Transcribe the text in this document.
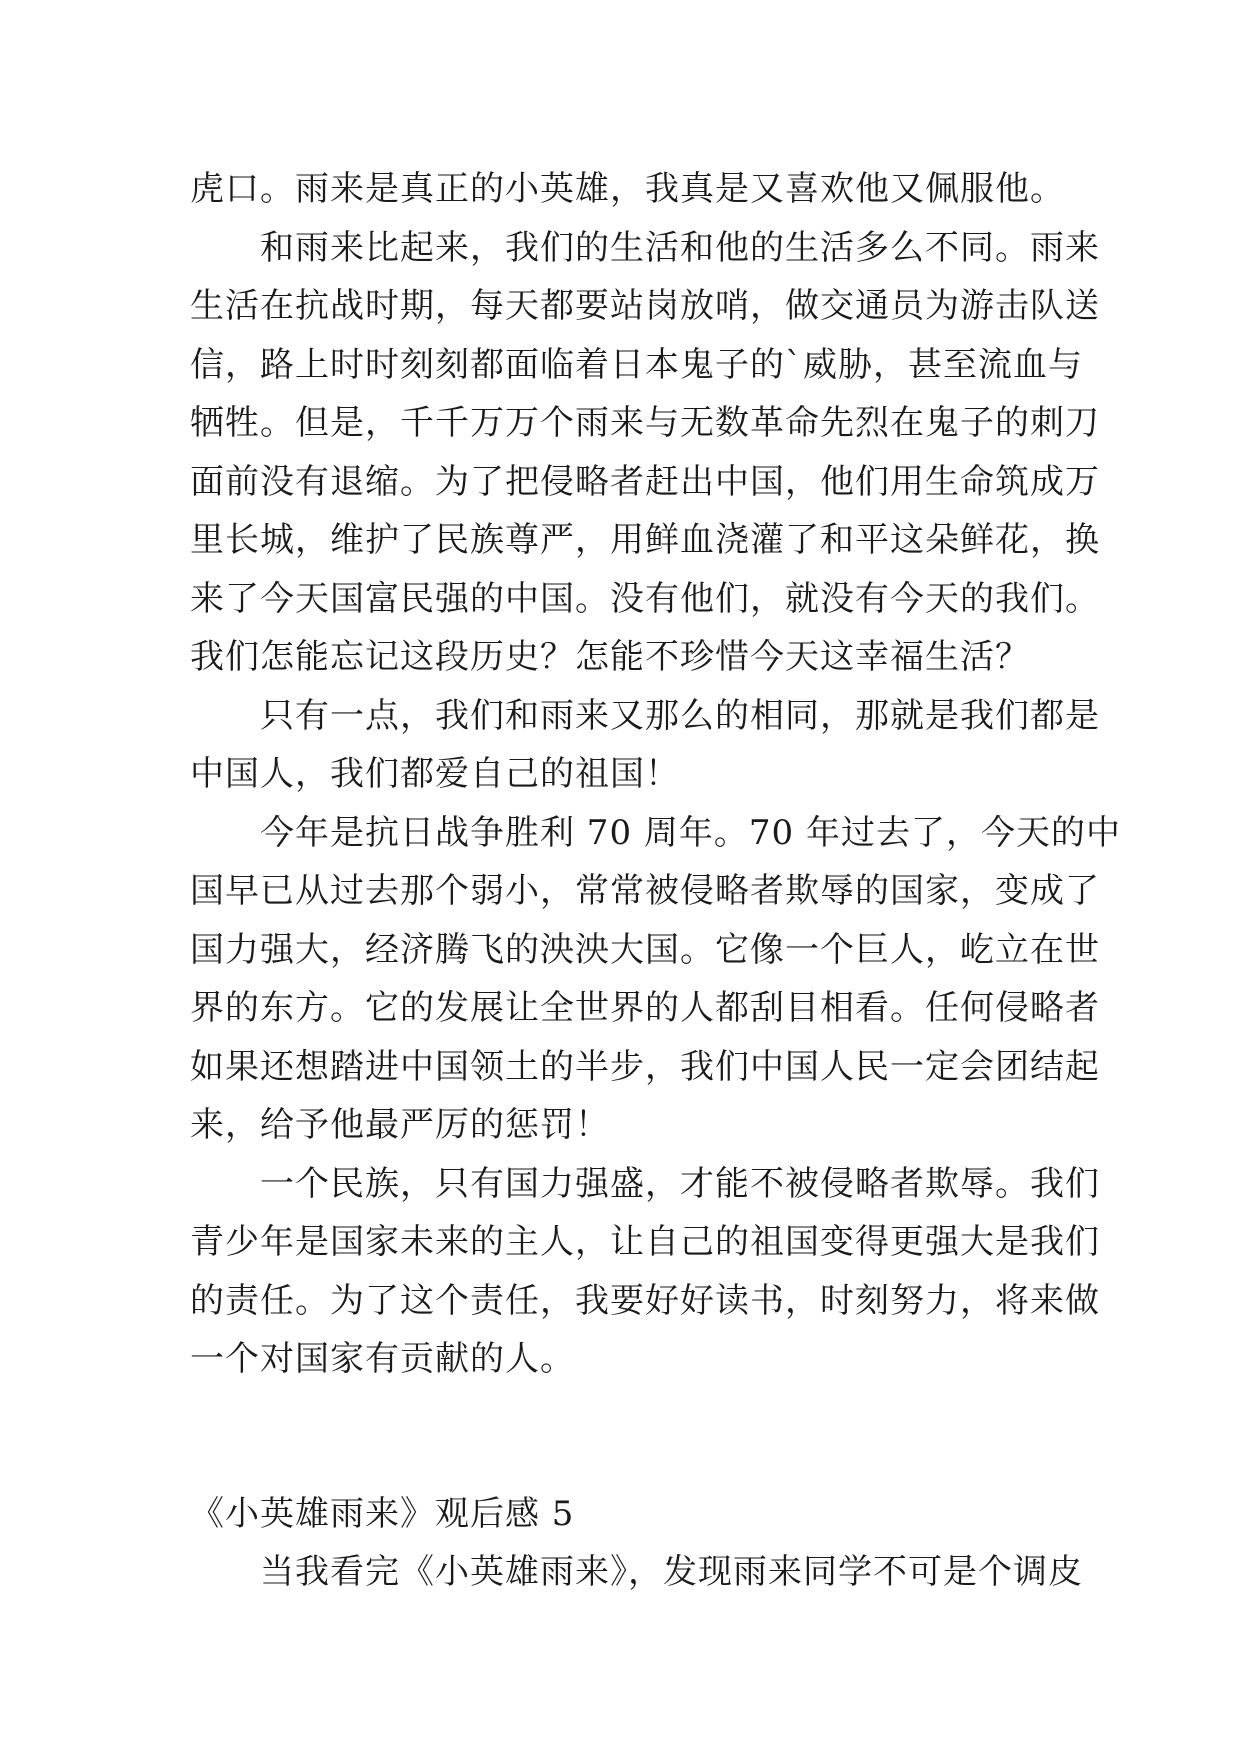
虎口。雨来是真正的小英雄，我真是又喜欢他又佩服他。
和雨来比起来，我们的生活和他的生活多么不同。雨来
生活在抗战时期，每天都要站岗放哨，做交通员为游击队送
信，路上时时刻刻都面临着日本鬼子的`威胁，甚至流血与
牺牲。但是，千千万万个雨来与无数革命先烈在鬼子的刺刀
面前没有退缩。为了把侵略者赶出中国，他们用生命筑成万
里长城，维护了民族尊严，用鲜血浇灌了和平这朵鲜花，换
来了今天国富民强的中国。没有他们，就没有今天的我们。
我们怎能忘记这段历史？怎能不珍惜今天这幸福生活？
只有一点，我们和雨来又那么的相同，那就是我们都是
中国人，我们都爱自己的祖国！
今年是抗日战争胜利 70 周年。70 年过去了，今天的中
国早已从过去那个弱小，常常被侵略者欺辱的国家，变成了
国力强大，经济腾飞的泱泱大国。它像一个巨人，屹立在世
界的东方。它的发展让全世界的人都刮目相看。任何侵略者
如果还想踏进中国领土的半步，我们中国人民一定会团结起
来，给予他最严厉的惩罚！
一个民族，只有国力强盛，才能不被侵略者欺辱。我们
青少年是国家未来的主人，让自己的祖国变得更强大是我们
的责任。为了这个责任，我要好好读书，时刻努力，将来做
一个对国家有贡献的人。
《小英雄雨来》观后感 5
当我看完《小英雄雨来》，发现雨来同学不可是个调皮
